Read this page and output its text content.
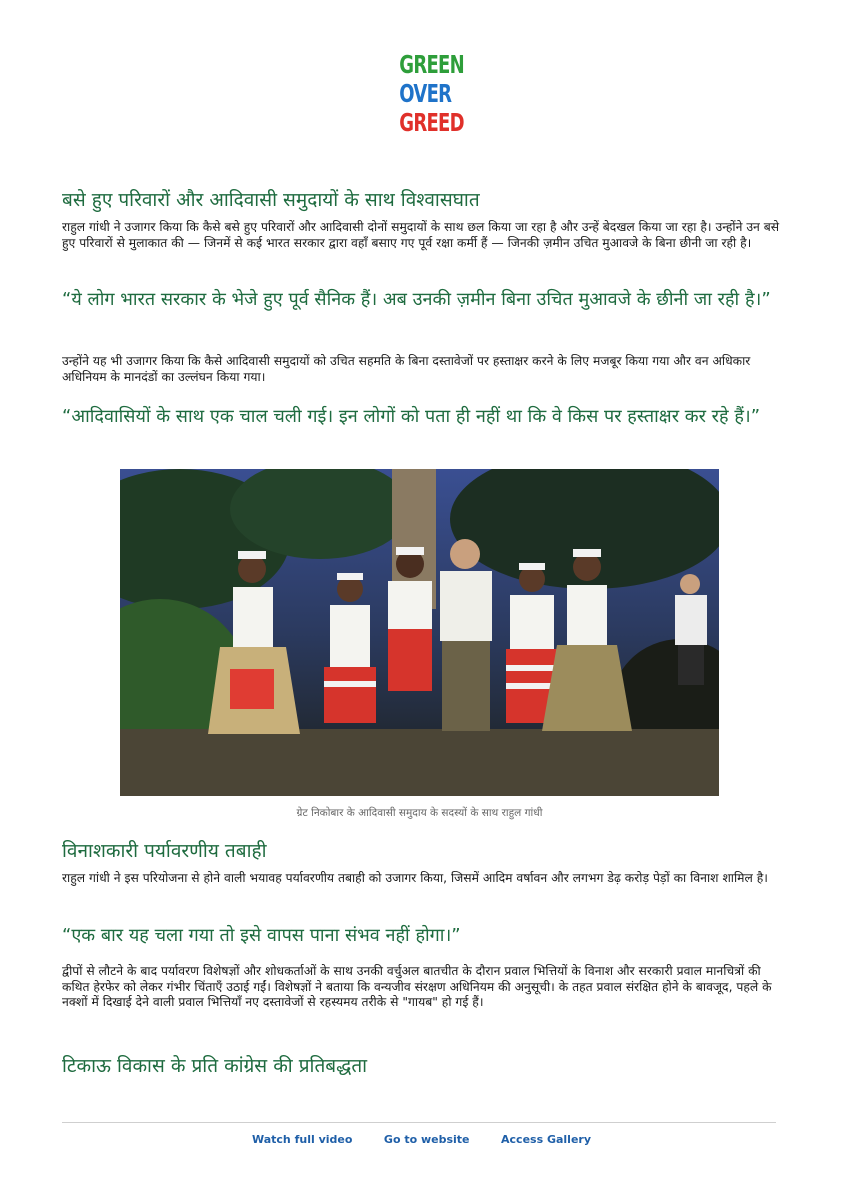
GREEN
OVER
GREED
बसे हुए परिवारों और आदिवासी समुदायों के साथ विश्वासघात

राहुल गांधी ने उजागर किया कि कैसे बसे हुए परिवारों और आदिवासी दोनों समुदायों के साथ छल किया जा रहा है और उन्हें बेदखल किया जा रहा है। उन्होंने उन बसे हुए परिवारों से मुलाकात की — जिनमें से कई भारत सरकार द्वारा वहाँ बसाए गए पूर्व रक्षा कर्मी हैं — जिनकी ज़मीन उचित मुआवजे के बिना छीनी जा रही है।

“ये लोग भारत सरकार के भेजे हुए पूर्व सैनिक हैं। अब उनकी ज़मीन बिना उचित मुआवजे के छीनी जा रही है।”

उन्होंने यह भी उजागर किया कि कैसे आदिवासी समुदायों को उचित सहमति के बिना दस्तावेजों पर हस्ताक्षर करने के लिए मजबूर किया गया और वन अधिकार अधिनियम के मानदंडों का उल्लंघन किया गया।

“आदिवासियों के साथ एक चाल चली गई। इन लोगों को पता ही नहीं था कि वे किस पर हस्ताक्षर कर रहे हैं।”

ग्रेट निकोबार के आदिवासी समुदाय के सदस्यों के साथ राहुल गांधी

विनाशकारी पर्यावरणीय तबाही

राहुल गांधी ने इस परियोजना से होने वाली भयावह पर्यावरणीय तबाही को उजागर किया, जिसमें आदिम वर्षावन और लगभग डेढ़ करोड़ पेड़ों का विनाश शामिल है।

“एक बार यह चला गया तो इसे वापस पाना संभव नहीं होगा।”

द्वीपों से लौटने के बाद पर्यावरण विशेषज्ञों और शोधकर्ताओं के साथ उनकी वर्चुअल बातचीत के दौरान प्रवाल भित्तियों के विनाश और सरकारी प्रवाल मानचित्रों की कथित हेरफेर को लेकर गंभीर चिंताएँ उठाई गईं। विशेषज्ञों ने बताया कि वन्यजीव संरक्षण अधिनियम की अनुसूची। के तहत प्रवाल संरक्षित होने के बावजूद, पहले के नक्शों में दिखाई देने वाली प्रवाल भित्तियाँ नए दस्तावेजों से रहस्यमय तरीके से "गायब" हो गई हैं।

टिकाऊ विकास के प्रति कांग्रेस की प्रतिबद्धता
Watch full video	Go to website	Access Gallery
